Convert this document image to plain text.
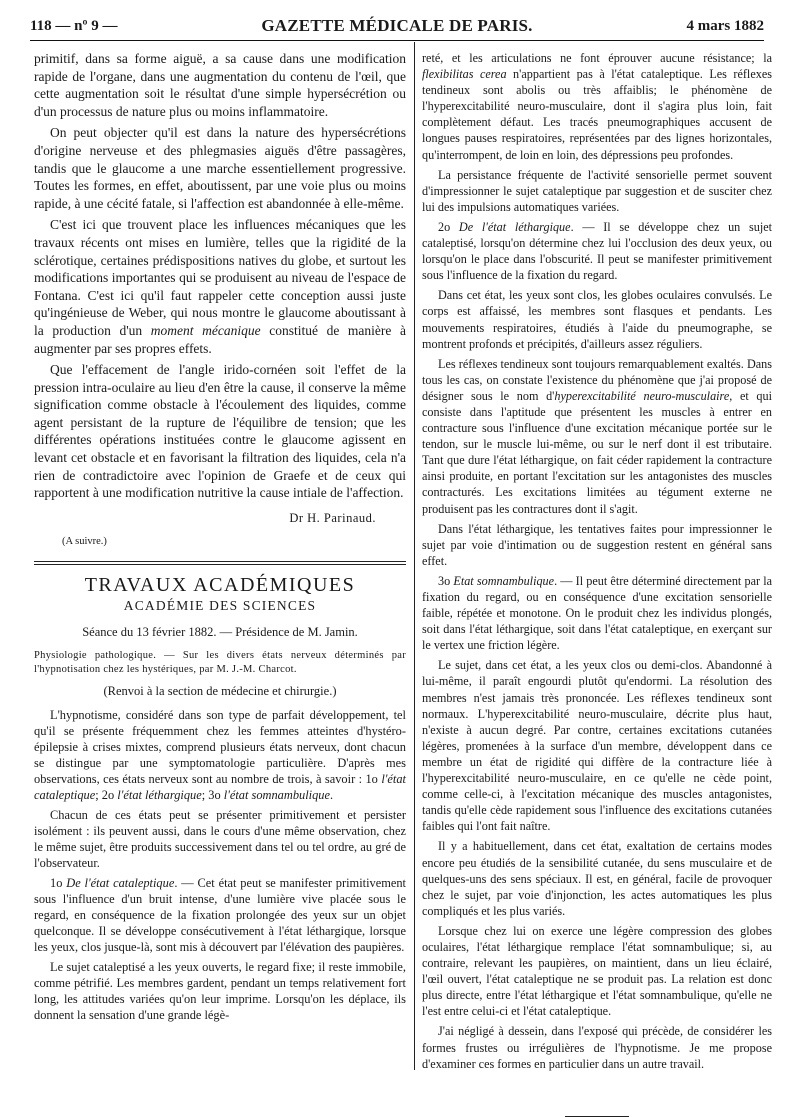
118 — nº 9 —	GAZETTE MÉDICALE DE PARIS.	4 mars 1882

primitif, dans sa forme aiguë, a sa cause dans une modification rapide de l'organe, dans une augmentation du contenu de l'œil, que cette augmentation soit le résultat d'une simple hypersécrétion ou d'un processus de nature plus ou moins inflammatoire.

On peut objecter qu'il est dans la nature des hypersécrétions d'origine nerveuse et des phlegmasies aiguës d'être passagères, tandis que le glaucome a une marche essentiellement progressive. Toutes les formes, en effet, aboutissent, par une voie plus ou moins rapide, à une cécité fatale, si l'affection est abandonnée à elle-même.

C'est ici que trouvent place les influences mécaniques que les travaux récents ont mises en lumière, telles que la rigidité de la sclérotique, certaines prédispositions natives du globe, et surtout les modifications importantes qui se produisent au niveau de l'espace de Fontana. C'est ici qu'il faut rappeler cette conception aussi juste qu'ingénieuse de Weber, qui nous montre le glaucome aboutissant à la production d'un moment mécanique constitué de manière à augmenter par ses propres effets.

Que l'effacement de l'angle irido-cornéen soit l'effet de la pression intra-oculaire au lieu d'en être la cause, il conserve la même signification comme obstacle à l'écoulement des liquides, comme agent persistant de la rupture de l'équilibre de tension; que les différentes opérations instituées contre le glaucome agissent en levant cet obstacle et en favorisant la filtration des liquides, cela n'a rien de contradictoire avec l'opinion de Graefe et de ceux qui rapportent à une modification nutritive la cause intiale de l'affection.

Dr H. Parinaud.
(A suivre.)
TRAVAUX ACADÉMIQUES
ACADÉMIE DES SCIENCES
Séance du 13 février 1882. — Présidence de M. Jamin.
Physiologie pathologique. — Sur les divers états nerveux déterminés par l'hypnotisation chez les hystériques, par M. J.-M. Charcot.
(Renvoi à la section de médecine et chirurgie.)

L'hypnotisme, considéré dans son type de parfait développement, tel qu'il se présente fréquemment chez les femmes atteintes d'hystéro-épilepsie à crises mixtes, comprend plusieurs états nerveux, dont chacun se distingue par une symptomatologie particulière. D'après mes observations, ces états nerveux sont au nombre de trois, à savoir : 1o l'état cataleptique; 2o l'état léthargique; 3o l'état somnambulique.

Chacun de ces états peut se présenter primitivement et persister isolément : ils peuvent aussi, dans le cours d'une même observation, chez le même sujet, être produits successivement dans tel ou tel ordre, au gré de l'observateur.

1o De l'état cataleptique. — Cet état peut se manifester primitivement sous l'influence d'un bruit intense, d'une lumière vive placée sous le regard, en conséquence de la fixation prolongée des yeux sur un objet quelconque. Il se développe consécutivement à l'état léthargique, lorsque les yeux, clos jusque-là, sont mis à découvert par l'élévation des paupières.

Le sujet cataleptisé a les yeux ouverts, le regard fixe; il reste immobile, comme pétrifié. Les membres gardent, pendant un temps relativement fort long, les attitudes variées qu'on leur imprime. Lorsqu'on les déplace, ils donnent la sensation d'une grande légè-

reté, et les articulations ne font éprouver aucune résistance; la flexibilitas cerea n'appartient pas à l'état cataleptique. Les réflexes tendineux sont abolis ou très affaiblis; le phénomène de l'hyperexcitabilité neuro-musculaire, dont il s'agira plus loin, fait complètement défaut. Les tracés pneumographiques accusent de longues pauses respiratoires, représentées par des lignes horizontales, qu'interrompent, de loin en loin, des dépressions peu profondes.

La persistance fréquente de l'activité sensorielle permet souvent d'impressionner le sujet cataleptique par suggestion et de susciter chez lui des impulsions automatiques variées.

2o De l'état léthargique. — Il se développe chez un sujet cataleptisé, lorsqu'on détermine chez lui l'occlusion des deux yeux, ou lorsqu'on le place dans l'obscurité. Il peut se manifester primitivement sous l'influence de la fixation du regard.

Dans cet état, les yeux sont clos, les globes oculaires convulsés. Le corps est affaissé, les membres sont flasques et pendants. Les mouvements respiratoires, étudiés à l'aide du pneumographe, se montrent profonds et précipités, d'ailleurs assez réguliers.

Les réflexes tendineux sont toujours remarquablement exaltés. Dans tous les cas, on constate l'existence du phénomène que j'ai proposé de désigner sous le nom d'hyperexcitabilité neuro-musculaire, et qui consiste dans l'aptitude que présentent les muscles à entrer en contracture sous l'influence d'une excitation mécanique portée sur le tendon, sur le muscle lui-même, ou sur le nerf dont il est tributaire. Tant que dure l'état léthargique, on fait céder rapidement la contracture ainsi produite, en portant l'excitation sur les antagonistes des muscles contracturés. Les excitations limitées au tégument externe ne produisent pas les contractures dont il s'agit.

Dans l'état léthargique, les tentatives faites pour impressionner le sujet par voie d'intimation ou de suggestion restent en général sans effet.

3o Etat somnambulique. — Il peut être déterminé directement par la fixation du regard, ou en conséquence d'une excitation sensorielle faible, répétée et monotone. On le produit chez les individus plongés, soit dans l'état léthargique, soit dans l'état cataleptique, en exerçant sur le vertex une friction légère.

Le sujet, dans cet état, a les yeux clos ou demi-clos. Abandonné à lui-même, il paraît engourdi plutôt qu'endormi. La résolution des membres n'est jamais très prononcée. Les réflexes tendineux sont normaux. L'hyperexcitabilité neuro-musculaire, décrite plus haut, n'existe à aucun degré. Par contre, certaines excitations cutanées légères, promenées à la surface d'un membre, développent dans ce membre un état de rigidité qui diffère de la contracture liée à l'hyperexcitabilité neuro-musculaire, en ce qu'elle ne cède point, comme celle-ci, à l'excitation mécanique des muscles antagonistes, tandis qu'elle cède rapidement sous l'influence des excitations cutanées faibles qui l'ont fait naître.

Il y a habituellement, dans cet état, exaltation de certains modes encore peu étudiés de la sensibilité cutanée, du sens musculaire et de quelques-uns des sens spéciaux. Il est, en général, facile de provoquer chez le sujet, par voie d'injonction, les actes automatiques les plus compliqués et les plus variés.

Lorsque chez lui on exerce une légère compression des globes oculaires, l'état léthargique remplace l'état somnambulique; si, au contraire, relevant les paupières, on maintient, dans un lieu éclairé, l'œil ouvert, l'état cataleptique ne se produit pas. La relation est donc plus directe, entre l'état léthargique et l'état somnambulique, qu'elle ne l'est entre celui-ci et l'état cataleptique.

J'ai négligé à dessein, dans l'exposé qui précède, de considérer les formes frustes ou irrégulières de l'hypnotisme. Je me propose d'examiner ces formes en particulier dans un autre travail.
